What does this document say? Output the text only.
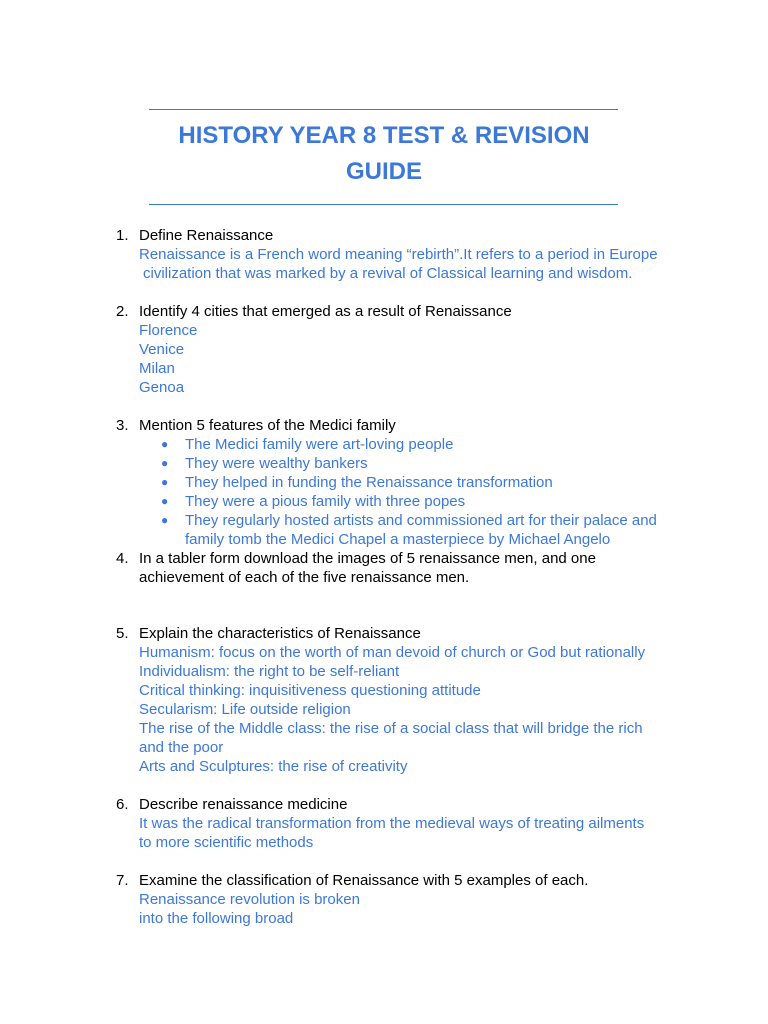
HISTORY YEAR 8 TEST & REVISION
GUIDE
1. Define Renaissance
Renaissance is a French word meaning “rebirth”.It refers to a period in Europe
civilization that was marked by a revival of Classical learning and wisdom.
2. Identify 4 cities that emerged as a result of Renaissance
Florence
Venice
Milan
Genoa
3. Mention 5 features of the Medici family
● The Medici family were art-loving people
● They were wealthy bankers
● They helped in funding the Renaissance transformation
● They were a pious family with three popes
● They regularly hosted artists and commissioned art for their palace and family tomb the Medici Chapel a masterpiece by Michael Angelo
4. In a tabler form download the images of 5 renaissance men, and one achievement of each of the five renaissance men.
5. Explain the characteristics of Renaissance
Humanism: focus on the worth of man devoid of church or God but rationally
Individualism: the right to be self-reliant
Critical thinking: inquisitiveness questioning attitude
Secularism: Life outside religion
The rise of the Middle class: the rise of a social class that will bridge the rich and the poor
Arts and Sculptures: the rise of creativity
6. Describe renaissance medicine
It was the radical transformation from the medieval ways of treating ailments
to more scientific methods
7. Examine the classification of Renaissance with 5 examples of each.
Renaissance revolution is broken
into the following broad
